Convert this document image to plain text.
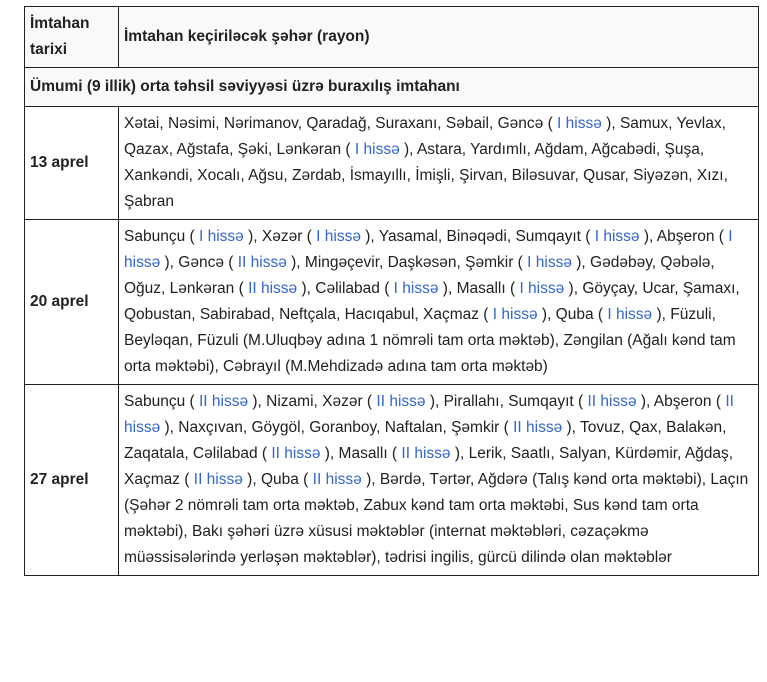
İmtahan tarixi	İmtahan keçiriləcək şəhər (rayon)
Ümumi (9 illik) orta təhsil səviyyəsi üzrə buraxılış imtahanı	
13 aprel	Xətai, Nəsimi, Nərimanov, Qaradağ, Suraxanı, Səbail, Gəncə ( I hissə ), Samux, Yevlax, Qazax, Ağstafa, Şəki, Lənkəran ( I hissə ), Astara, Yardımlı, Ağdam, Ağcabədi, Şuşa, Xankəndi, Xocalı, Ağsu, Zərdab, İsmayıllı, İmişli, Şirvan, Biləsuvar, Qusar, Siyəzən, Xızı, Şabran
20 aprel	Sabunçu ( I hissə ), Xəzər ( I hissə ), Yasamal, Binəqədi, Sumqayıt ( I hissə ), Abşeron ( I hissə ), Gəncə ( II hissə ), Mingəçevir, Daşkəsən, Şəmkir ( I hissə ), Gədəbəy, Qəbələ, Oğuz, Lənkəran ( II hissə ), Cəlilabad ( I hissə ), Masallı ( I hissə ), Göyçay, Ucar, Şamaxı, Qobustan, Sabirabad, Neftçala, Hacıqabul, Xaçmaz ( I hissə ), Quba ( I hissə ), Füzuli, Beyləqan, Füzuli (M.Uluqbəy adına 1 nömrəli tam orta məktəb), Zəngilan (Ağalı kənd tam orta məktəbi), Cəbrayıl (M.Mehdizadə adına tam orta məktəb)
27 aprel	Sabunçu ( II hissə ), Nizami, Xəzər ( II hissə ), Pirallahı, Sumqayıt ( II hissə ), Abşeron ( II hissə ), Naxçıvan, Göygöl, Goranboy, Naftalan, Şəmkir ( II hissə ), Tovuz, Qax, Balakən, Zaqatala, Cəlilabad ( II hissə ), Masallı ( II hissə ), Lerik, Saatlı, Salyan, Kürdəmir, Ağdaş, Xaçmaz ( II hissə ), Quba ( II hissə ), Bərdə, Tərtər, Ağdərə (Talış kənd orta məktəbi), Laçın (Şəhər 2 nömrəli tam orta məktəb, Zabux kənd tam orta məktəbi, Sus kənd tam orta məktəbi), Bakı şəhəri üzrə xüsusi məktəblər (internat məktəbləri, cəzaçəkmə müəssisələrində yerləşən məktəblər), tədrisi ingilis, gürcü dilində olan məktəblər
